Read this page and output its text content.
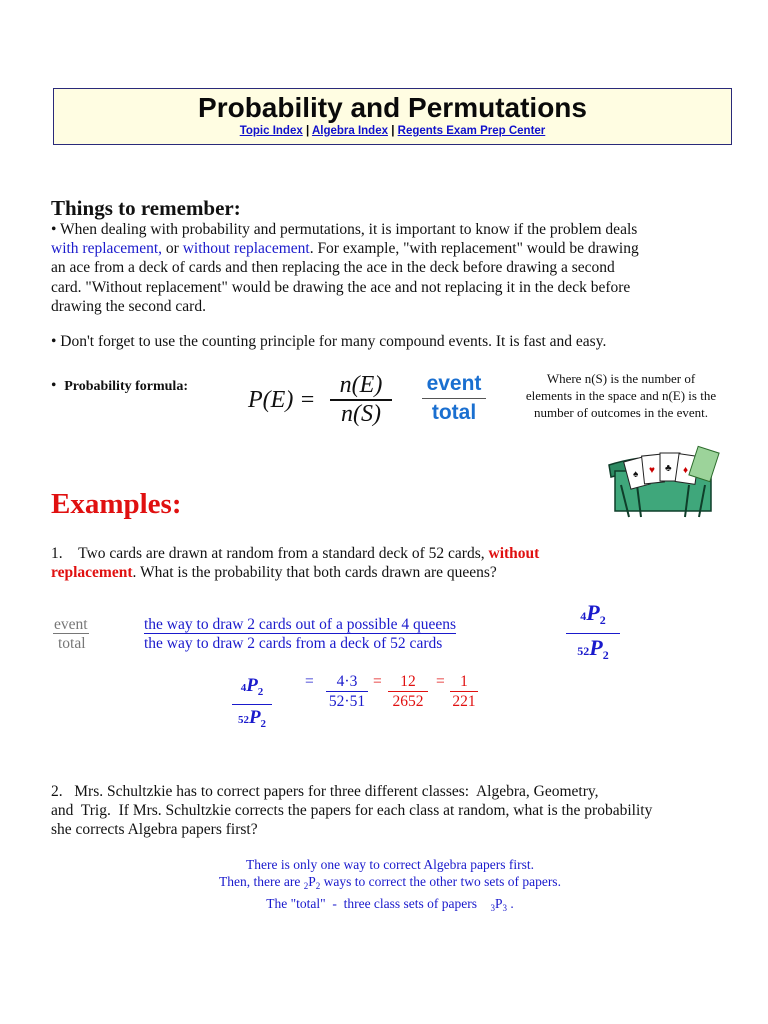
Probability and Permutations
Topic Index | Algebra Index | Regents Exam Prep Center
Things to remember:
• When dealing with probability and permutations, it is important to know if the problem deals
with replacement, or without replacement. For example, "with replacement" would be drawing
an ace from a deck of cards and then replacing the ace in the deck before drawing a second
card. "Without replacement" would be drawing the ace and not replacing it in the deck before
drawing the second card.
• Don't forget to use the counting principle for many compound events. It is fast and easy.
• Probability formula:
$P(E) = \frac{n(E)}{n(S)}$ event
total
Where n(S) is the number of
elements in the space and n(E) is the
number of outcomes in the event.
♠ ♥ ♣ ♦
Examples:
1. Two cards are drawn at random from a standard deck of 52 cards, without
replacement. What is the probability that both cards drawn are queens?
event
total
the way to draw 2 cards out of a possible 4 queens
the way to draw 2 cards from a deck of 52 cards	$\frac{4P_2}{52P_2}$
$\frac{4P_2}{52P_2} = \frac{4\cdot 3}{52\cdot 51} = \frac{12}{2652} = \frac{1}{221}$
2.   Mrs. Schultzkie has to correct papers for three different classes:  Algebra, Geometry,
and  Trig.  If Mrs. Schultzkie corrects the papers for each class at random, what is the probability
she corrects Algebra papers first?
There is only one way to correct Algebra papers first.
Then, there are $_2P_2$ ways to correct the other two sets of papers.
The "total"  -  three class sets of papers    $_3P_3$ .
